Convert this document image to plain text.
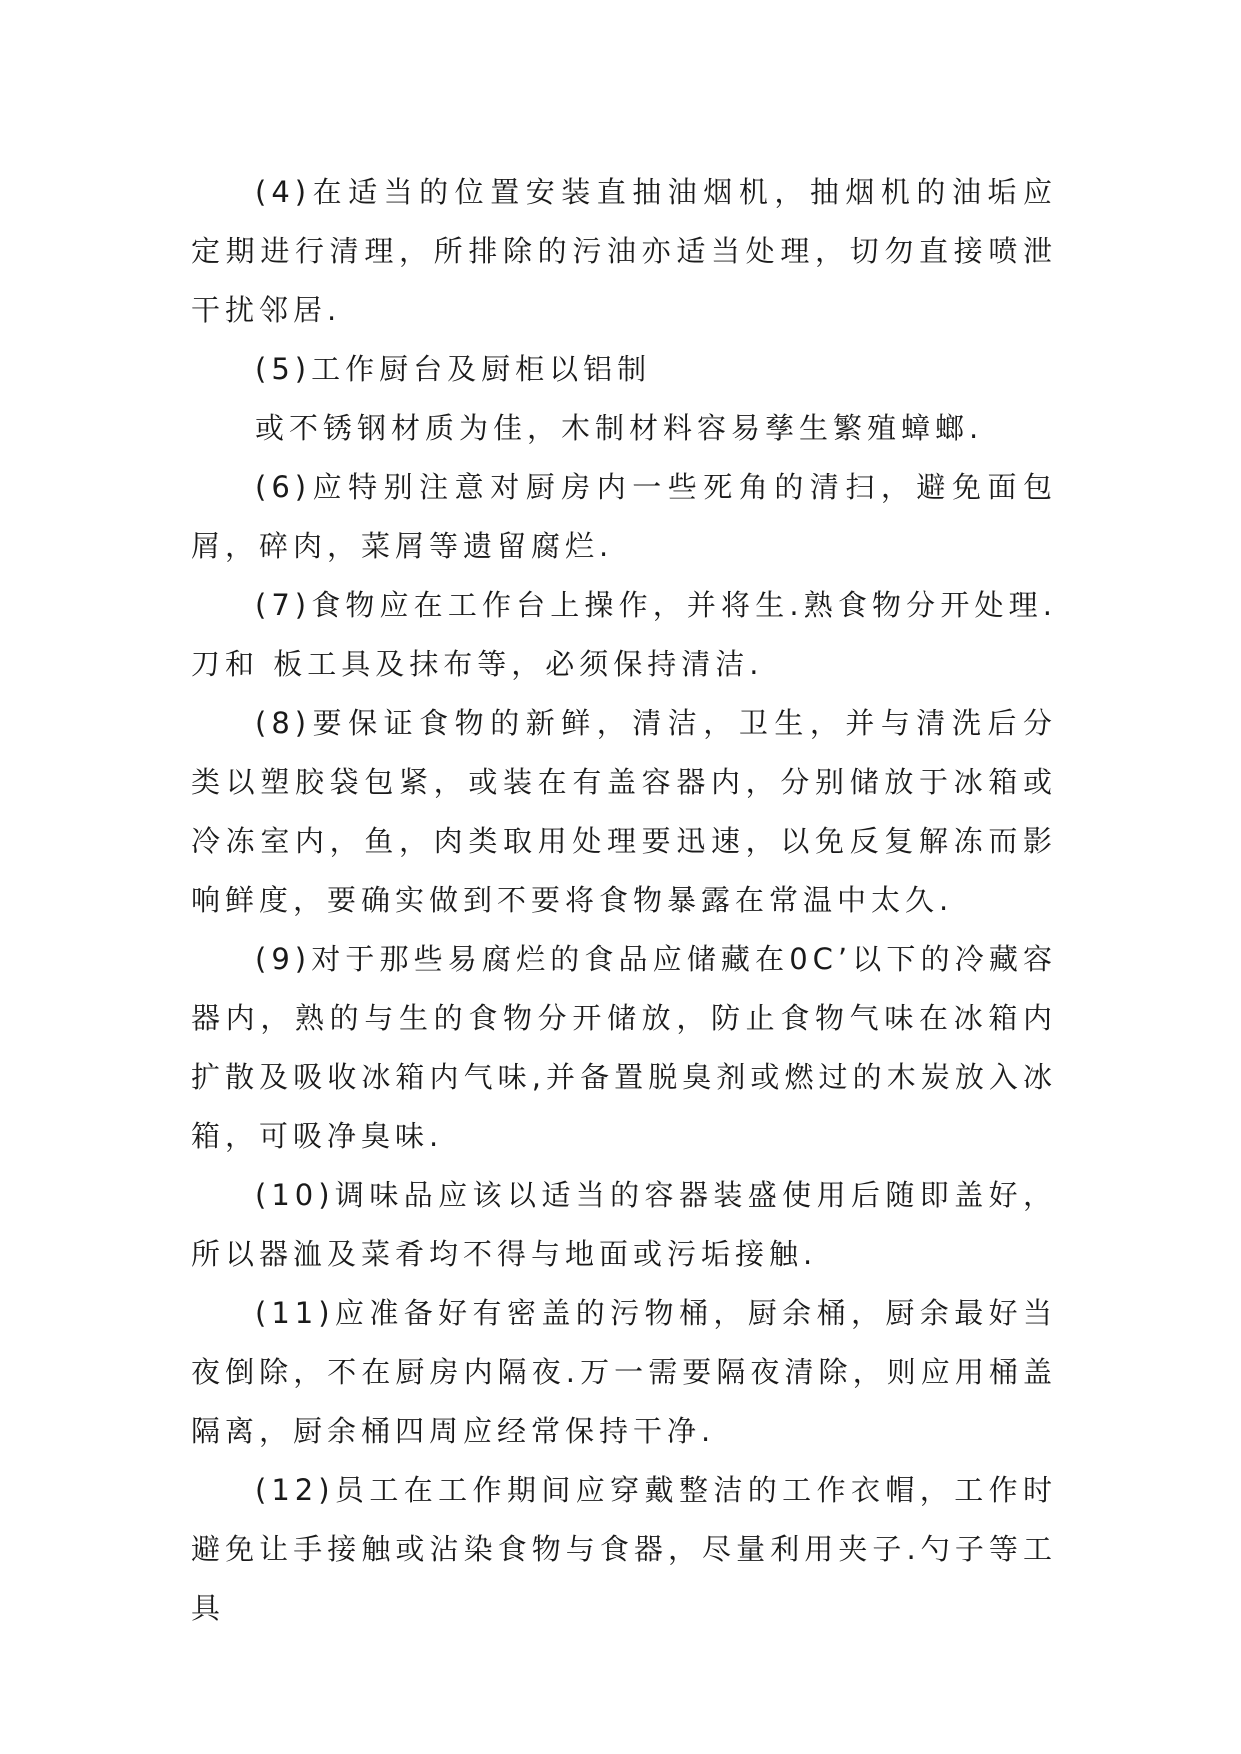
(4)在适当的位置安装直抽油烟机，抽烟机的油垢应定期进行清理，所排除的污油亦适当处理，切勿直接喷泄干扰邻居.

(5)工作厨台及厨柜以铝制

或不锈钢材质为佳，木制材料容易孳生繁殖蟑螂.

(6)应特别注意对厨房内一些死角的清扫，避免面包屑，碎肉，菜屑等遗留腐烂.

(7)食物应在工作台上操作，并将生.熟食物分开处理.刀和 板工具及抹布等，必须保持清洁.

(8)要保证食物的新鲜，清洁，卫生，并与清洗后分类以塑胶袋包紧，或装在有盖容器内，分别储放于冰箱或冷冻室内，鱼，肉类取用处理要迅速，以免反复解冻而影响鲜度，要确实做到不要将食物暴露在常温中太久.

(9)对于那些易腐烂的食品应储藏在0C’以下的冷藏容器内，熟的与生的食物分开储放，防止食物气味在冰箱内扩散及吸收冰箱内气味,并备置脱臭剂或燃过的木炭放入冰箱，可吸净臭味.

(10)调味品应该以适当的容器装盛使用后随即盖好，所以器洫及菜肴均不得与地面或污垢接触.

(11)应准备好有密盖的污物桶，厨余桶，厨余最好当夜倒除，不在厨房内隔夜.万一需要隔夜清除，则应用桶盖隔离，厨余桶四周应经常保持干净.

(12)员工在工作期间应穿戴整洁的工作衣帽，工作时避免让手接触或沾染食物与食器，尽量利用夹子.勺子等工具
